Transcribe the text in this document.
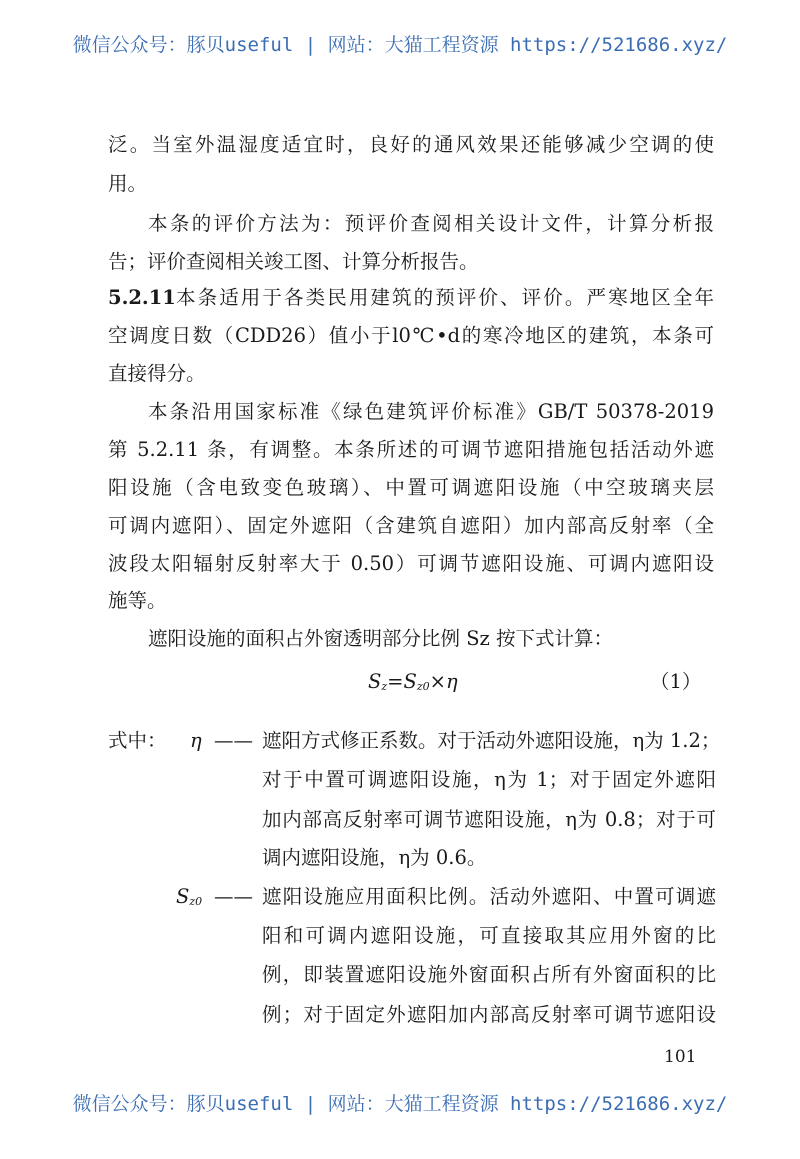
微信公众号：豚贝useful | 网站：大猫工程资源 https://521686.xyz/
泛。当室外温湿度适宜时，良好的通风效果还能够减少空调的使
用。
本条的评价方法为：预评价查阅相关设计文件，计算分析报
告；评价查阅相关竣工图、计算分析报告。
5.2.11 本条适用于各类民用建筑的预评价、评价。严寒地区全年
空调度日数（CDD26）值小于l0℃•d的寒冷地区的建筑，本条可
直接得分。
本条沿用国家标准《绿色建筑评价标准》GB/T 50378-2019
第 5.2.11 条，有调整。本条所述的可调节遮阳措施包括活动外遮
阳设施（含电致变色玻璃）、中置可调遮阳设施（中空玻璃夹层
可调内遮阳）、固定外遮阳（含建筑自遮阳）加内部高反射率（全
波段太阳辐射反射率大于 0.50）可调节遮阳设施、可调内遮阳设
施等。
遮阳设施的面积占外窗透明部分比例 Sz 按下式计算：
$S_z=S_{z0}\times\eta$	（1）
式中： η —— 遮阳方式修正系数。对于活动外遮阳设施，η为 1.2；
对于中置可调遮阳设施，η为 1；对于固定外遮阳
加内部高反射率可调节遮阳设施，η为 0.8；对于可
调内遮阳设施，η为 0.6。
$S_{z0}$ —— 遮阳设施应用面积比例。活动外遮阳、中置可调遮
阳和可调内遮阳设施，可直接取其应用外窗的比
例，即装置遮阳设施外窗面积占所有外窗面积的比
例；对于固定外遮阳加内部高反射率可调节遮阳设
101
微信公众号：豚贝useful | 网站：大猫工程资源 https://521686.xyz/
